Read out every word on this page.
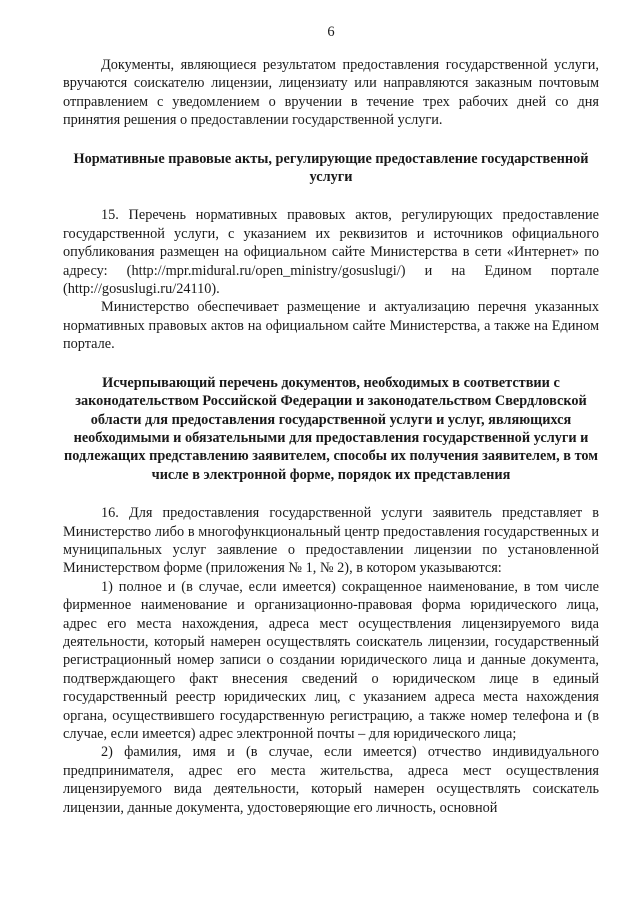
6

Документы, являющиеся результатом предоставления государственной услуги, вручаются соискателю лицензии, лицензиату или направляются заказным почтовым отправлением с уведомлением о вручении в течение трех рабочих дней со дня принятия решения о предоставлении государственной услуги.

Нормативные правовые акты, регулирующие предоставление государственной услуги

15. Перечень нормативных правовых актов, регулирующих предоставление государственной услуги, с указанием их реквизитов и источников официального опубликования размещен на официальном сайте Министерства в сети «Интернет» по адресу: (http://mpr.midural.ru/open_ministry/gosuslugi/) и на Едином портале (http://gosuslugi.ru/24110).

Министерство обеспечивает размещение и актуализацию перечня указанных нормативных правовых актов на официальном сайте Министерства, а также на Едином портале.

Исчерпывающий перечень документов, необходимых в соответствии с законодательством Российской Федерации и законодательством Свердловской области для предоставления государственной услуги и услуг, являющихся необходимыми и обязательными для предоставления государственной услуги и подлежащих представлению заявителем, способы их получения заявителем, в том числе в электронной форме, порядок их представления

16. Для предоставления государственной услуги заявитель представляет в Министерство либо в многофункциональный центр предоставления государственных и муниципальных услуг заявление о предоставлении лицензии по установленной Министерством форме (приложения № 1, № 2), в котором указываются:

1) полное и (в случае, если имеется) сокращенное наименование, в том числе фирменное наименование и организационно-правовая форма юридического лица, адрес его места нахождения, адреса мест осуществления лицензируемого вида деятельности, который намерен осуществлять соискатель лицензии, государственный регистрационный номер записи о создании юридического лица и данные документа, подтверждающего факт внесения сведений о юридическом лице в единый государственный реестр юридических лиц, с указанием адреса места нахождения органа, осуществившего государственную регистрацию, а также номер телефона и (в случае, если имеется) адрес электронной почты – для юридического лица;

2) фамилия, имя и (в случае, если имеется) отчество индивидуального предпринимателя, адрес его места жительства, адреса мест осуществления лицензируемого вида деятельности, который намерен осуществлять соискатель лицензии, данные документа, удостоверяющие его личность, основной
